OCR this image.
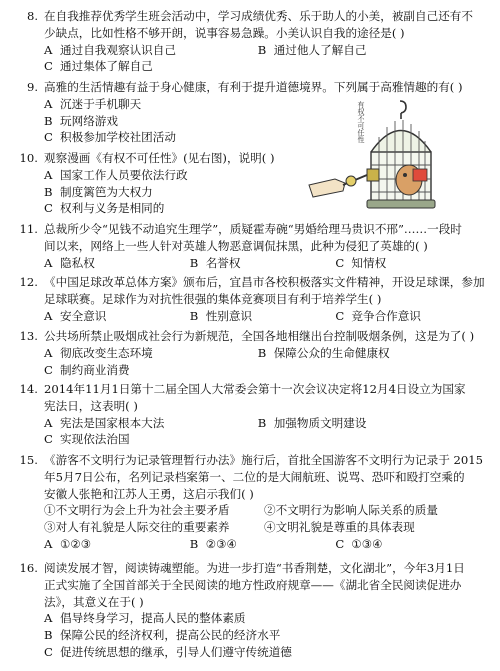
8. 在自我推荐优秀学生班会活动中，学习成绩优秀、乐于助人的小美，被副自己还有不
少缺点，比如性格不够开朗，说事容易急躁。小美认识自我的途径是( )
A 通过自我观察认识自己	B 通过他人了解自己
C 通过集体了解自己
9. 高雅的生活情趣有益于身心健康，有利于提升道德境界。下列属于高雅情趣的有( )
A 沉迷于手机聊天 B 玩网络游戏 C 积极参加学校社团活动
10. 观察漫画《有权不可任性》(见右图)，说明( )
A 国家工作人员要依法行政 B 制度篱笆为大权力 C 权利与义务是相同的
有权不可任性
11. 总裁所少令“见钱不动追究生理学”，质疑霍寿碗“男婚给理马贵识不邢”……一段时
间以来，网络上一些人针对英雄人物恶意调侃抹黑，此种为侵犯了英雄的( )
A 隐私权	B 名誉权	C 知情权
12. 《中国足球改革总体方案》颁布后，宜昌市各校积极落实文件精神，开设足球课，参加
足球联赛。足球作为对抗性很强的集体竞赛项目有利于培养学生( )
A 安全意识	B 性别意识	C 竞争合作意识
13. 公共场所禁止吸烟成社会行为新规范，全国各地相继出台控制吸烟条例，这是为了( )
A 彻底改变生态环境	B 保障公众的生命健康权
C 制约商业消费
14. 2014年11月1日第十二届全国人大常委会第十一次会议决定将12月4日设立为国家
宪法日，这表明( )
A 宪法是国家根本大法	B 加强物质文明建设
C 实现依法治国
15. 《游客不文明行为记录管理暂行办法》施行后，首批全国游客不文明行为记录于 2015
年5月7日公布，名列记录档案第一、二位的是大闹航班、说骂、恐吓和殴打空乘的
安徽人张艳和江苏人王勇，这启示我们( )
①不文明行为会上升为社会主要矛盾	②不文明行为影响人际关系的质量
③对人有礼貌是人际交往的重要素养	④文明礼貌是尊重的具体表现
A ①②③	B ②③④	C ①③④
16. 阅读发展才智，阅读铸魂塑能。为进一步打造“书香荆楚，文化湖北”，今年3月1日
正式实施了全国首部关于全民阅读的地方性政府规章——《湖北省全民阅读促进办
法》，其意义在于( )
A 倡导终身学习，提高人民的整体素质 B 保障公民的经济权利，提高公民的经济水平 C 促进传统思想的继承，引导人们遵守传统道德
